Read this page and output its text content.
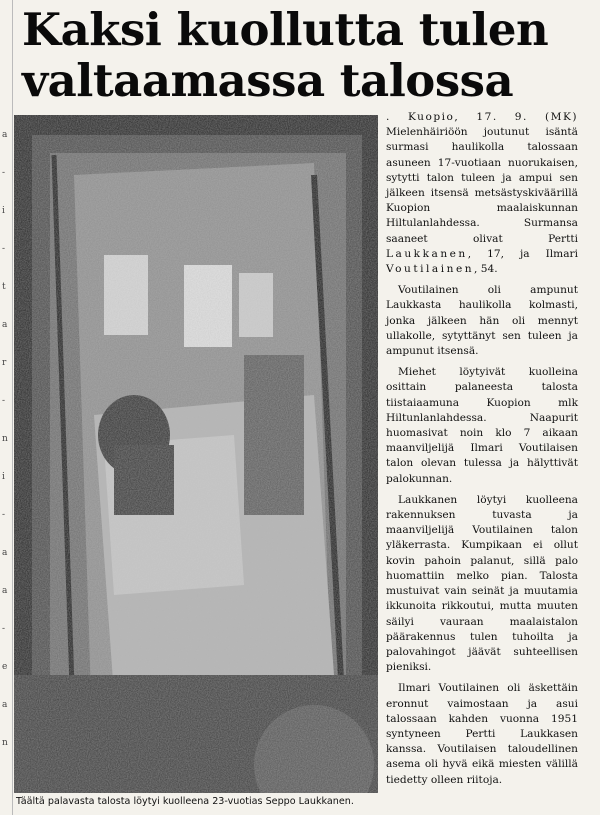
a
-
i
-
t
a
r
-
n
i
-
a
a
-
e
a
n
Kaksi kuollutta tulen
valtaamassa talossa
Täältä palavasta talosta löytyi kuolleena 23-vuotias Seppo Laukkanen.

. Kuopio, 17. 9. (MK) Mielenhäiriöön joutunut isäntä surmasi haulikolla talossaan asuneen 17-vuotiaan nuorukaisen, sytytti talon tuleen ja ampui sen jälkeen itsensä metsästyskiväärillä Kuopion maalaiskunnan Hiltulanlahdessa. Surmansa saaneet olivat Pertti Laukkanen, 17, ja Ilmari Voutilainen, 54.

Voutilainen oli ampunut Laukkasta haulikolla kolmasti, jonka jälkeen hän oli mennyt ullakolle, sytyttänyt sen tuleen ja ampunut itsensä.

Miehet löytyivät kuolleina osittain palaneesta talosta tiistaiaamuna Kuopion mlk Hiltunlanlahdessa. Naapurit huomasivat noin klo 7 aikaan maanviljelijä Ilmari Voutilaisen talon olevan tulessa ja hälyttivät palokunnan.

Laukkanen löytyi kuolleena rakennuksen tuvasta ja maanviljelijä Voutilainen talon yläkerrasta. Kumpikaan ei ollut kovin pahoin palanut, sillä palo huomattiin melko pian. Talosta mustuivat vain seinät ja muutamia ikkunoita rikkoutui, mutta muuten säilyi vauraan maalaistalon päärakennus tulen tuhoilta ja palovahingot jäävät suhteellisen pieniksi.

Ilmari Voutilainen oli äskettäin eronnut vaimostaan ja asui talossaan kahden vuonna 1951 syntyneen Pertti Laukkasen kanssa. Voutilaisen taloudellinen asema oli hyvä eikä miesten välillä tiedetty olleen riitoja.
